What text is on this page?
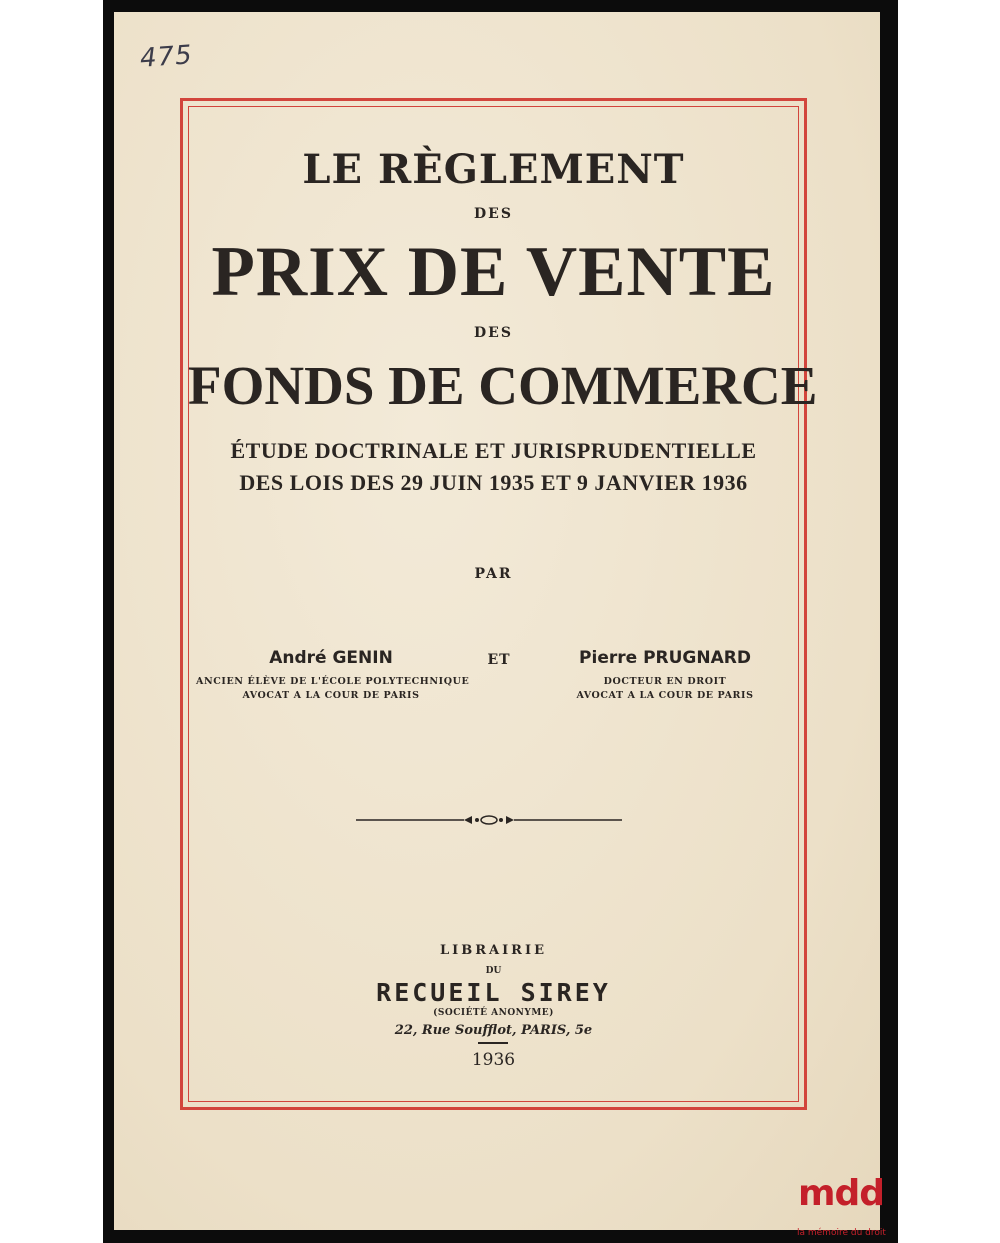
475
LE RÈGLEMENT
DES
PRIX DE VENTE
DES
FONDS DE COMMERCE
ÉTUDE DOCTRINALE ET JURISPRUDENTIELLE
DES LOIS DES 29 JUIN 1935 ET 9 JANVIER 1936
PAR
André GENIN
ANCIEN ÉLÈVE DE L'ÉCOLE POLYTECHNIQUE
AVOCAT A LA COUR DE PARIS
ET	Pierre PRUGNARD
DOCTEUR EN DROIT
AVOCAT A LA COUR DE PARIS
LIBRAIRIE
DU
RECUEIL SIREY
(SOCIÉTÉ ANONYME)
22, Rue Soufflot, PARIS, 5e
1936
mdd
la mémoire du droit
